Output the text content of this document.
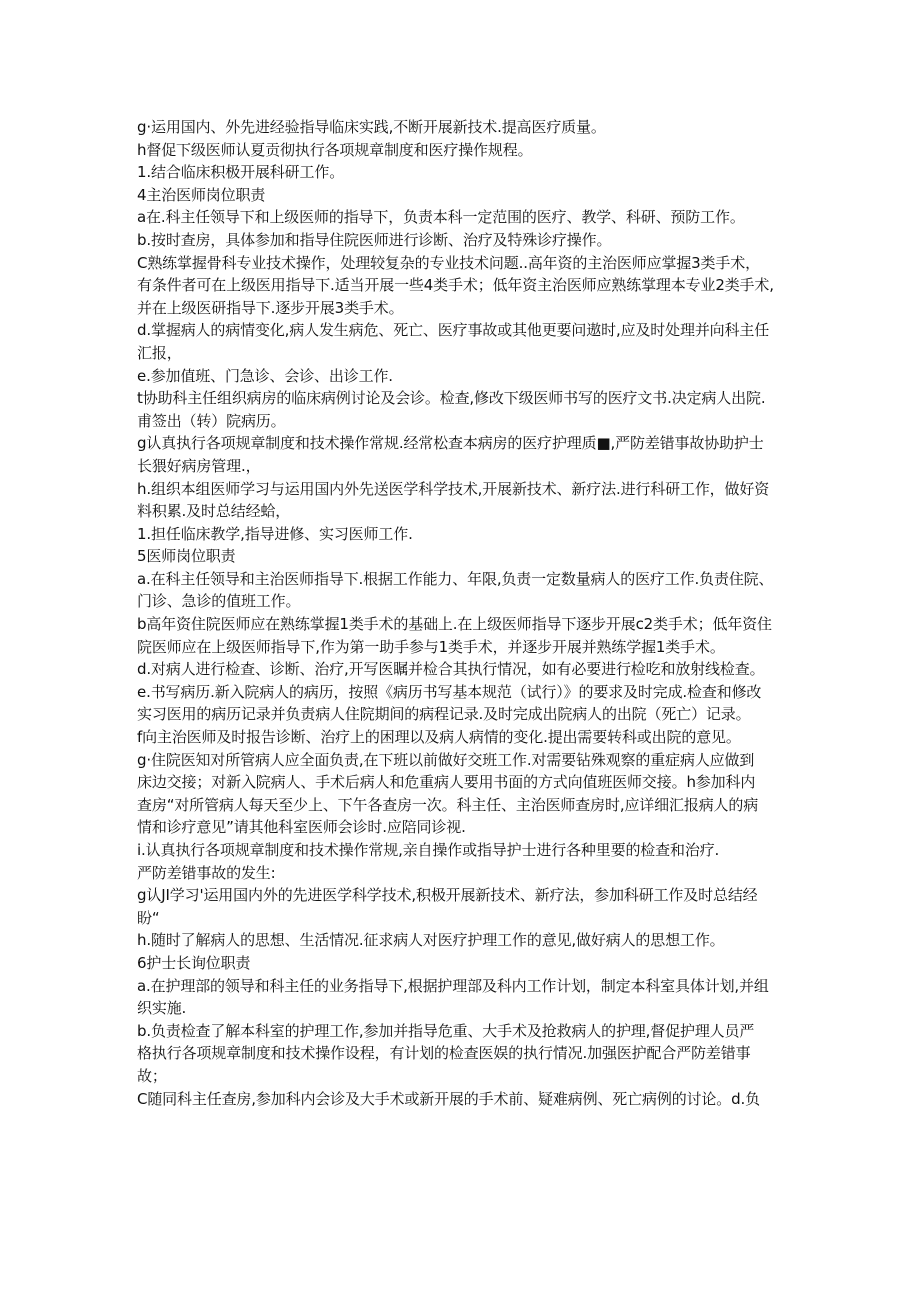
g·运用国内、外先进经验指导临床实践,不断开展新技术.提高医疗质量。
h督促下级医师认夏贡彻执行各项规章制度和医疗操作规程。
1.结合临床积极开展科研工作。
4主治医师岗位职责
a在.科主任领导下和上级医师的指导下，负责本科一定范围的医疗、教学、科研、预防工作。
b.按时查房，具体参加和指导住院医师进行诊断、治疗及特殊诊疗操作。
C熟练掌握骨科专业技术操作，处理较复杂的专业技术问题..高年资的主治医师应掌握3类手术，
有条件者可在上级医用指导下.适当开展一些4类手术；低年资主治医师应熟练掌理本专业2类手术,
并在上级医研指导下.逐步开展3类手术。
d.掌握病人的病情变化,病人发生病危、死亡、医疗事故或其他更要问遨时,应及时处理并向科主任
汇报，
e.参加值班、门急诊、会诊、出诊工作.
t协助科主任组织病房的临床病例讨论及会诊。检查,修改下级医师书写的医疗文书.决定病人出院.
甫签出（转）院病历。
g认真执行各项规章制度和技术操作常规.经常松查本病房的医疗护理质■,严防差错事故协助护士
长猥好病房管理.，
h.组织本组医师学习与运用国内外先送医学科学技术,开展新技术、新疗法.进行科研工作，做好资
料积累.及时总结经蛤，
1.担任临床教学,指导进修、实习医师工作.
5医师岗位职责
a.在科主任领导和主治医师指导下.根据工作能力、年限,负责一定数量病人的医疗工作.负责住院、
门诊、急诊的值班工作。
b高年资住院医师应在熟练掌握1类手术的基础上.在上级医师指导下逐步开展c2类手术；低年资住
院医师应在上级医师指导下,作为第一助手参与1类手术，并逐步开展并熟练学握1类手术。
d.对病人进行检查、诊断、治疗,开写医瞩并检合其执行情况，如有必要进行检吃和放射线检查。
e.书写病历.新入院病人的病历，按照《病历书写基本规范（试行）》的要求及时完成.检查和修改
实习医用的病历记录并负责病人住院期间的病程记录.及时完成出院病人的出院（死亡）记录。
f向主治医师及时报告诊断、治疗上的困理以及病人病情的变化.提出需要转科或出院的意见。
g·住院医知对所管病人应全面负责,在下班以前做好交班工作.对需要钻殊观察的重症病人应做到
床边交接；对新入院病人、手术后病人和危重病人要用书面的方式向值班医师交接。h参加科内
查房“对所管病人每天至少上、下午各查房一次。科主任、主治医师查房时,应详细汇报病人的病
情和诊疗意见”请其他科室医师会诊时.应陪同诊视.
i.认真执行各项规章制度和技术操作常规,亲自操作或指导护士进行各种里要的检查和治疗.
严防差错事故的发生:
g认JI学习'运用国内外的先进医学科学技术,积极开展新技术、新疗法，参加科研工作及时总结经
盼“
h.随时了解病人的思想、生活情况.征求病人对医疗护理工作的意见,做好病人的思想工作。
6护士长询位职责
a.在护理部的领导和科主任的业务指导下,根据护理部及科内工作计划，制定本科室具体计划,并组
织实施.
b.负责检查了解本科室的护理工作,参加并指导危重、大手术及抢救病人的护理,督促护理人员严
格执行各项规章制度和技术操作设程，有计划的检查医娱的执行情况.加强医护配合严防差错事
故；
C随同科主任查房,参加科内会诊及大手术或新开展的手术前、疑难病例、死亡病例的讨论。d.负
